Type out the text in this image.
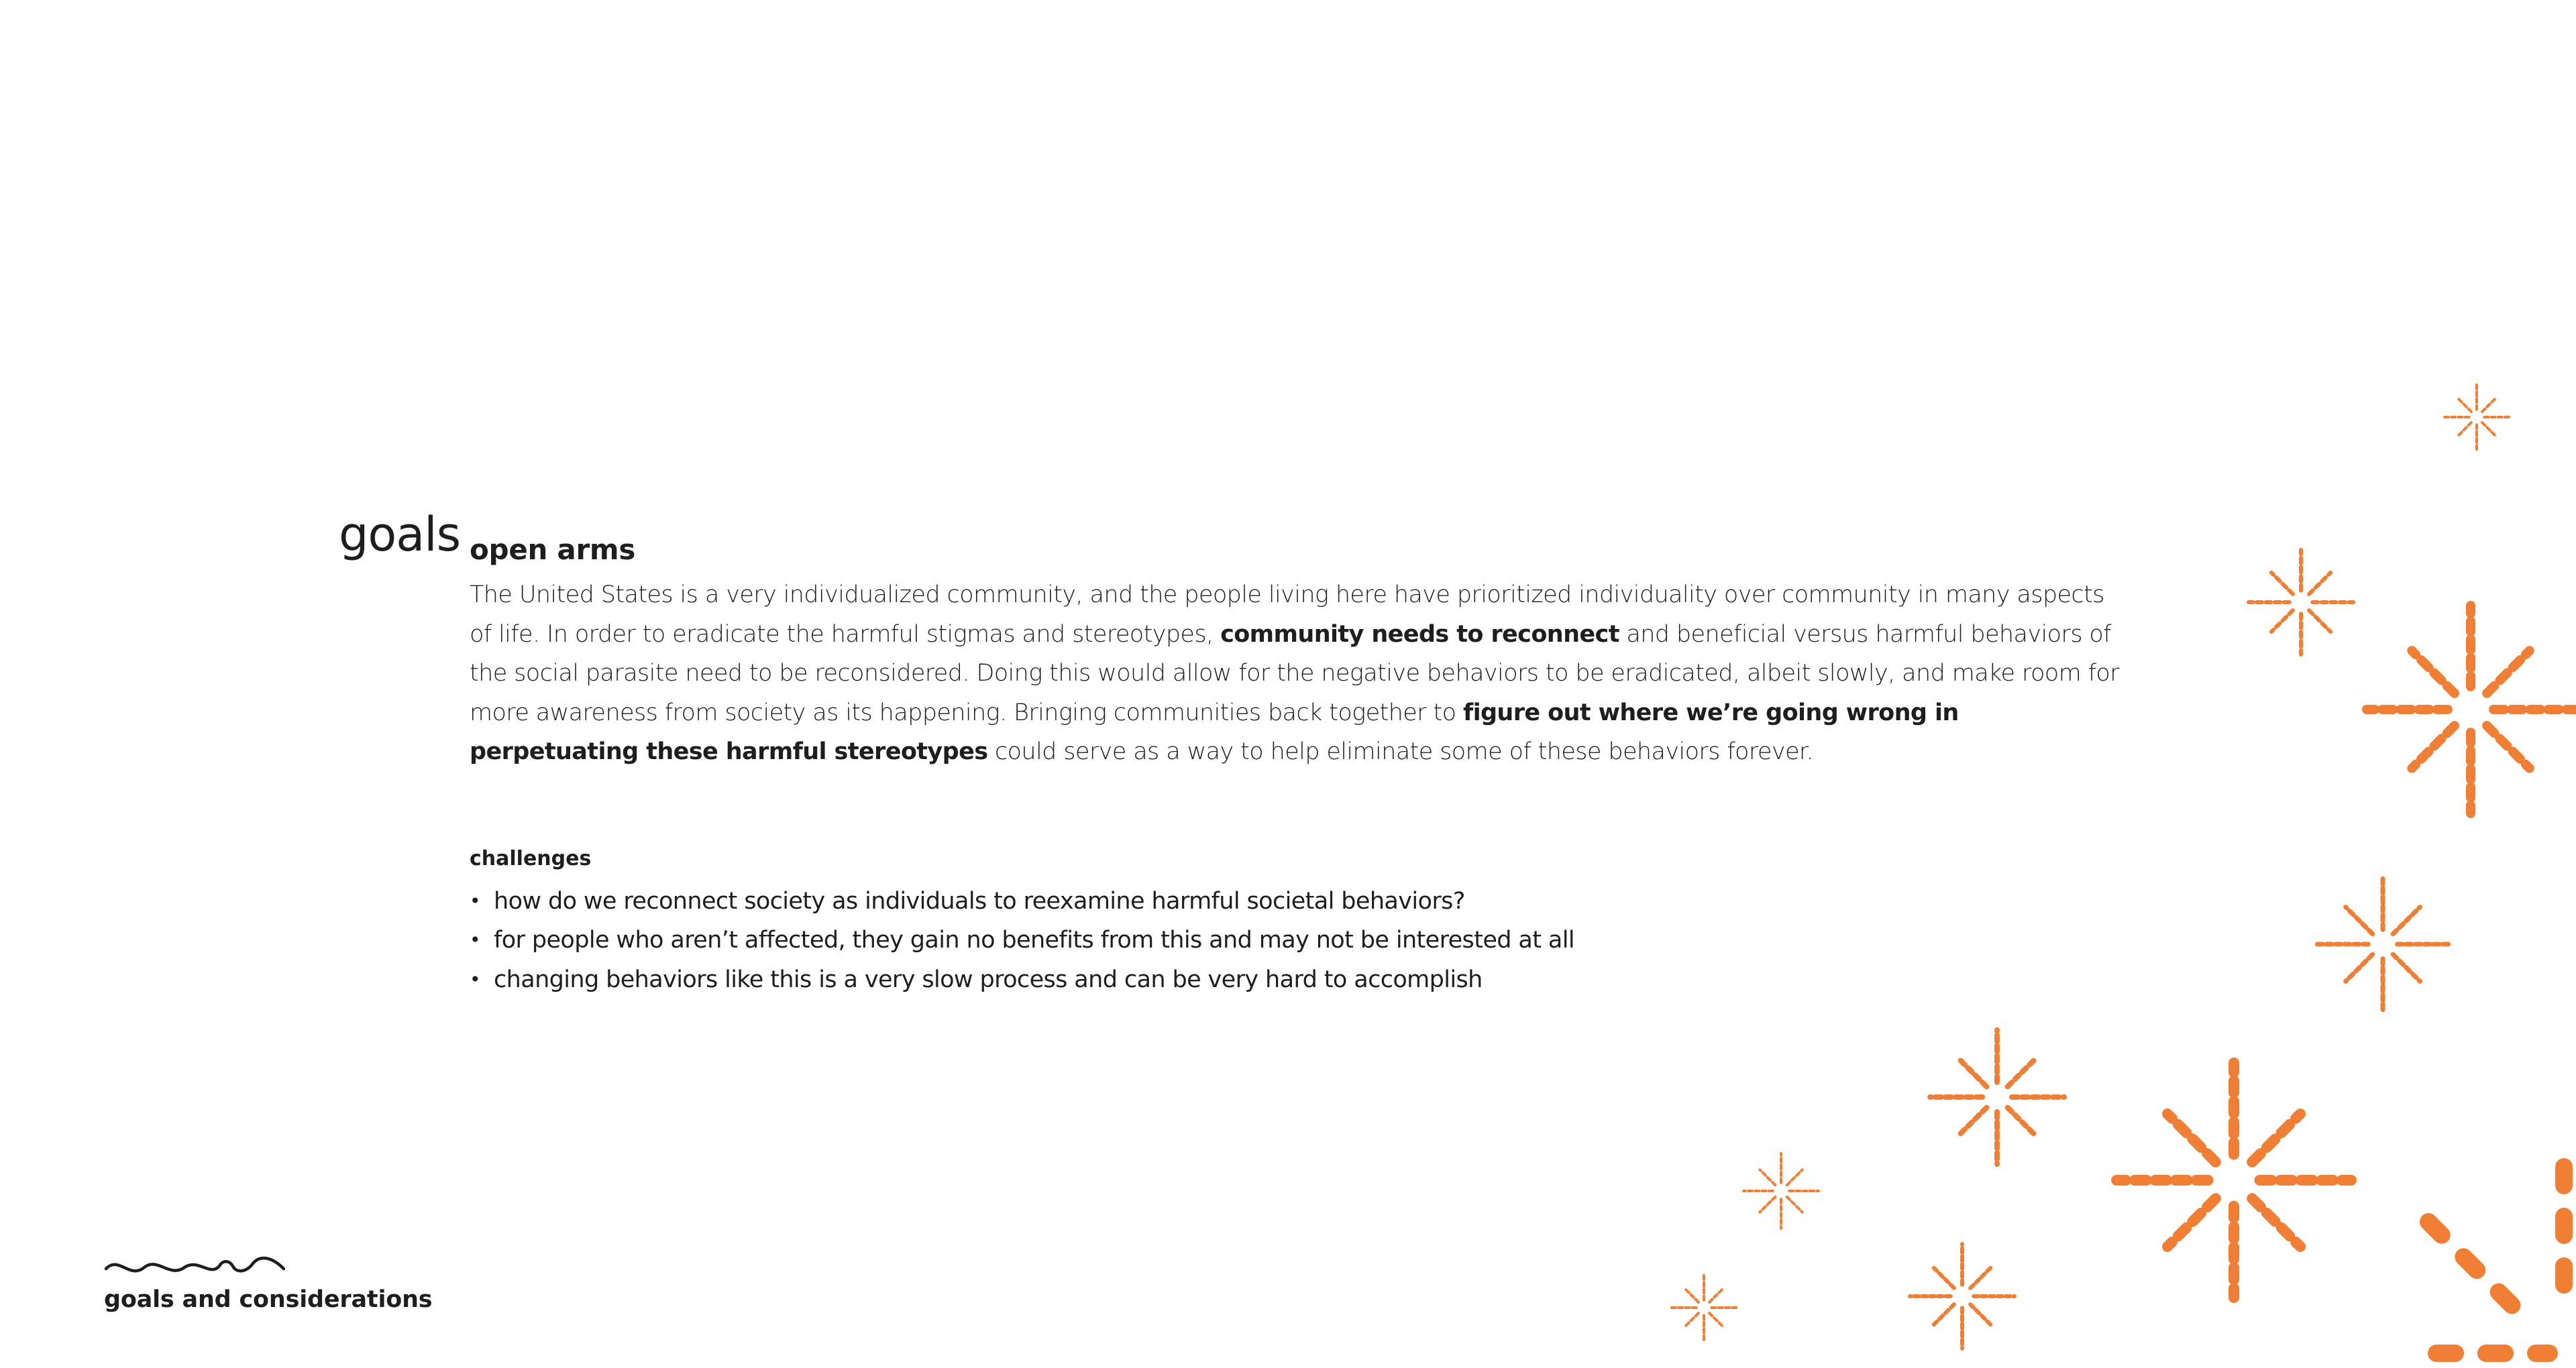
goals open arms

The United States is a very individualized community, and the people living here have prioritized individuality over community in many aspects of life. In order to eradicate the harmful stigmas and stereotypes, community needs to reconnect and beneficial versus harmful behaviors of the social parasite need to be reconsidered. Doing this would allow for the negative behaviors to be eradicated, albeit slowly, and make room for more awareness from society as its happening. Bringing communities back together to figure out where we’re going wrong in perpetuating these harmful stereotypes could serve as a way to help eliminate some of these behaviors forever.

challenges
• how do we reconnect society as individuals to reexamine harmful societal behaviors?
• for people who aren’t affected, they gain no benefits from this and may not be interested at all
• changing behaviors like this is a very slow process and can be very hard to accomplish
goals and considerations
